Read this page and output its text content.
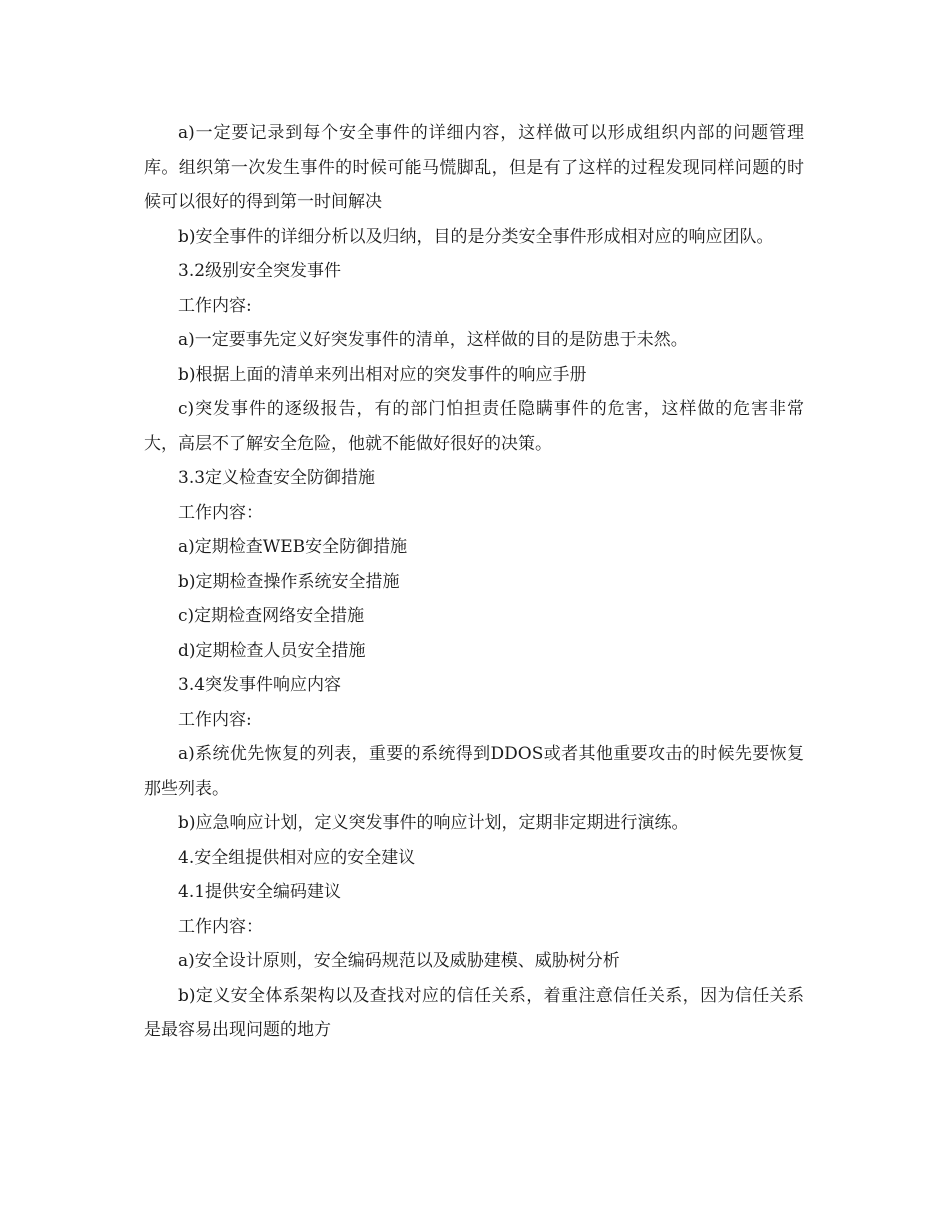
a)一定要记录到每个安全事件的详细内容，这样做可以形成组织内部的问题管理库。组织第一次发生事件的时候可能马慌脚乱，但是有了这样的过程发现同样问题的时候可以很好的得到第一时间解决

b)安全事件的详细分析以及归纳，目的是分类安全事件形成相对应的响应团队。

3.2级别安全突发事件

工作内容:

a)一定要事先定义好突发事件的清单，这样做的目的是防患于未然。

b)根据上面的清单来列出相对应的突发事件的响应手册

c)突发事件的逐级报告，有的部门怕担责任隐瞒事件的危害，这样做的危害非常大，高层不了解安全危险，他就不能做好很好的决策。

3.3定义检查安全防御措施

工作内容：

a)定期检查WEB安全防御措施

b)定期检查操作系统安全措施

c)定期检查网络安全措施

d)定期检查人员安全措施

3.4突发事件响应内容

工作内容:

a)系统优先恢复的列表，重要的系统得到DDOS或者其他重要攻击的时候先要恢复那些列表。

b)应急响应计划，定义突发事件的响应计划，定期非定期进行演练。

4.安全组提供相对应的安全建议

4.1提供安全编码建议

工作内容：

a)安全设计原则，安全编码规范以及威胁建模、威胁树分析

b)定义安全体系架构以及查找对应的信任关系，着重注意信任关系，因为信任关系是最容易出现问题的地方
